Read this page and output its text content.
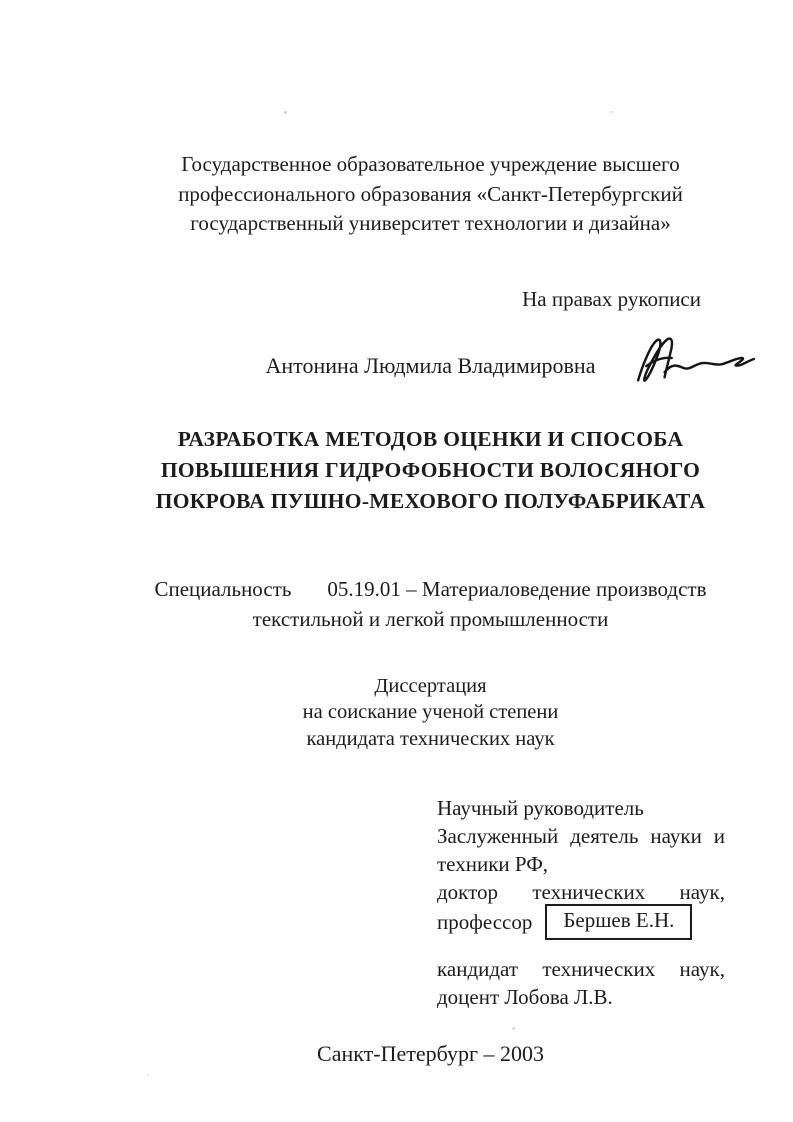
Государственное образовательное учреждение высшего
профессионального образования «Санкт-Петербургский
государственный университет технологии и дизайна»
На правах рукописи
Антонина Людмила Владимировна
РАЗРАБОТКА МЕТОДОВ ОЦЕНКИ И СПОСОБА
ПОВЫШЕНИЯ ГИДРОФОБНОСТИ ВОЛОСЯНОГО
ПОКРОВА ПУШНО-МЕХОВОГО ПОЛУФАБРИКАТА
Специальность 05.19.01 – Материаловедение производств
текстильной и легкой промышленности
Диссертация
на соискание ученой степени
кандидата технических наук
Научный руководитель
Заслуженный деятель науки и
техники РФ,
доктор технических наук,
профессор	Бершев Е.Н.
кандидат технических наук,
доцент Лобова Л.В.
Санкт-Петербург – 2003
